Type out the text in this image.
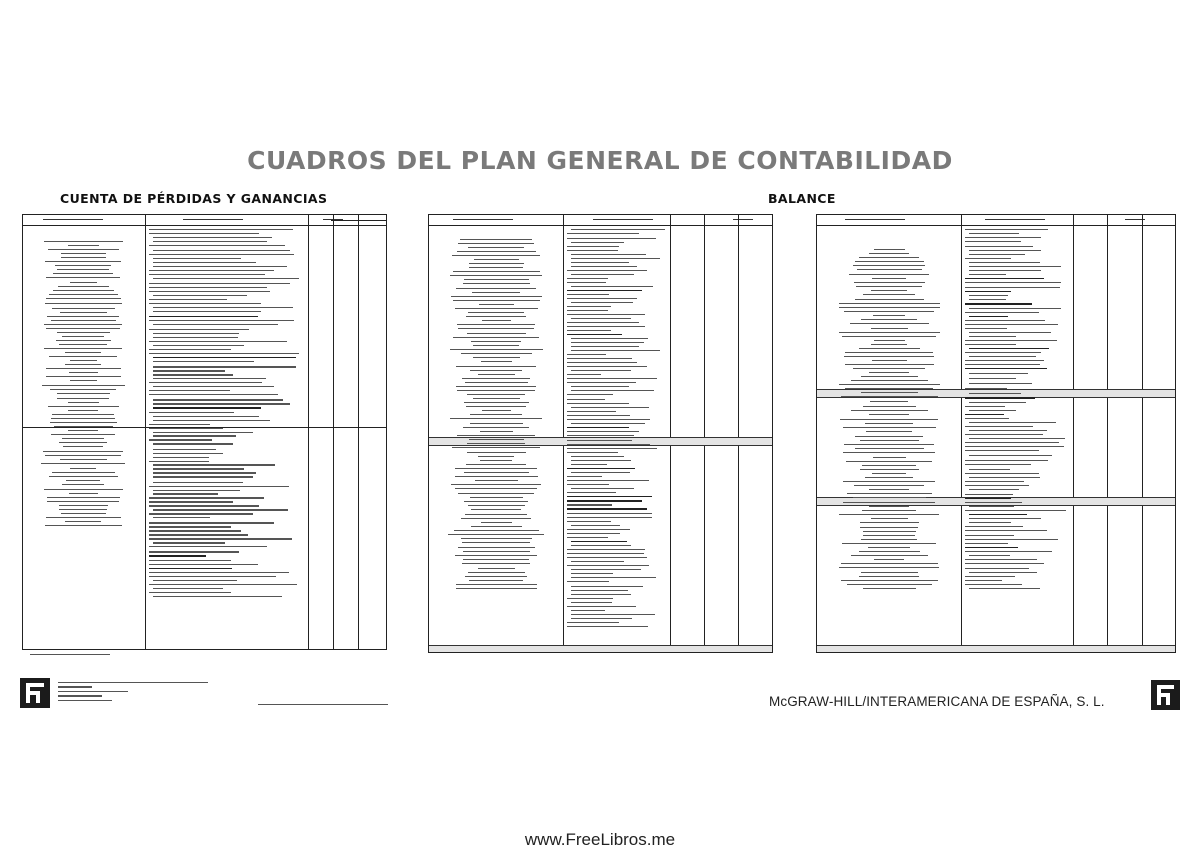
CUADROS DEL PLAN GENERAL DE CONTABILIDAD
CUENTA DE PÉRDIDAS Y GANANCIAS	BALANCE
McGRAW-HILL/INTERAMERICANA DE ESPAÑA, S. L.
www.FreeLibros.me
